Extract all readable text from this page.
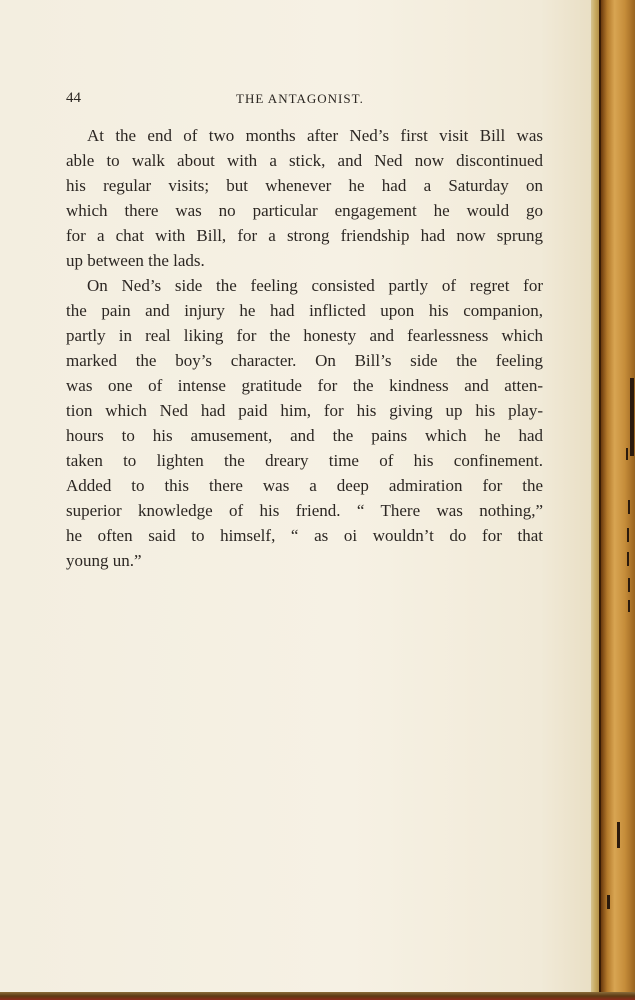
44	THE ANTAGONIST.
At the end of two months after Ned’s first visit Bill was
able to walk about with a stick, and Ned now discontinued
his regular visits; but whenever he had a Saturday on
which there was no particular engagement he would go
for a chat with Bill, for a strong friendship had now sprung
up between the lads.
On Ned’s side the feeling consisted partly of regret for
the pain and injury he had inflicted upon his companion,
partly in real liking for the honesty and fearlessness which
marked the boy’s character. On Bill’s side the feeling
was one of intense gratitude for the kindness and atten-
tion which Ned had paid him, for his giving up his play-
hours to his amusement, and the pains which he had
taken to lighten the dreary time of his confinement.
Added to this there was a deep admiration for the
superior knowledge of his friend. “ There was nothing,”
he often said to himself, “ as oi wouldn’t do for that
young un.”
